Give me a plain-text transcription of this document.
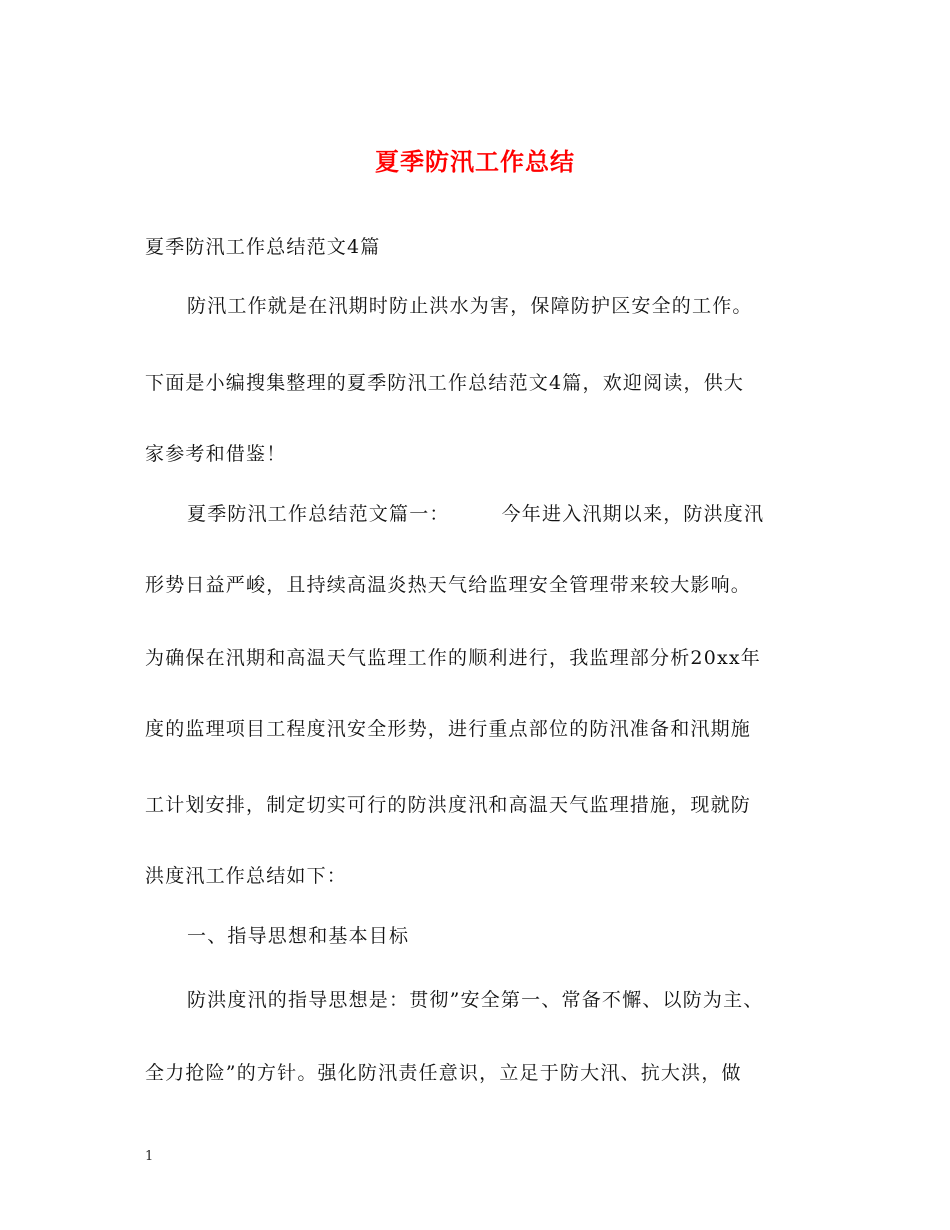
夏季防汛工作总结
夏季防汛工作总结范文4篇
防汛工作就是在汛期时防止洪水为害，保障防护区安全的工作。
下面是小编搜集整理的夏季防汛工作总结范文4篇，欢迎阅读，供大
家参考和借鉴！
夏季防汛工作总结范文篇一：	今年进入汛期以来，防洪度汛
形势日益严峻，且持续高温炎热天气给监理安全管理带来较大影响。
为确保在汛期和高温天气监理工作的顺利进行，我监理部分析20xx年
度的监理项目工程度汛安全形势，进行重点部位的防汛准备和汛期施
工计划安排，制定切实可行的防洪度汛和高温天气监理措施，现就防
洪度汛工作总结如下：
一、指导思想和基本目标
防洪度汛的指导思想是：贯彻”安全第一、常备不懈、以防为主、
全力抢险”的方针。强化防汛责任意识，立足于防大汛、抗大洪，做
1
